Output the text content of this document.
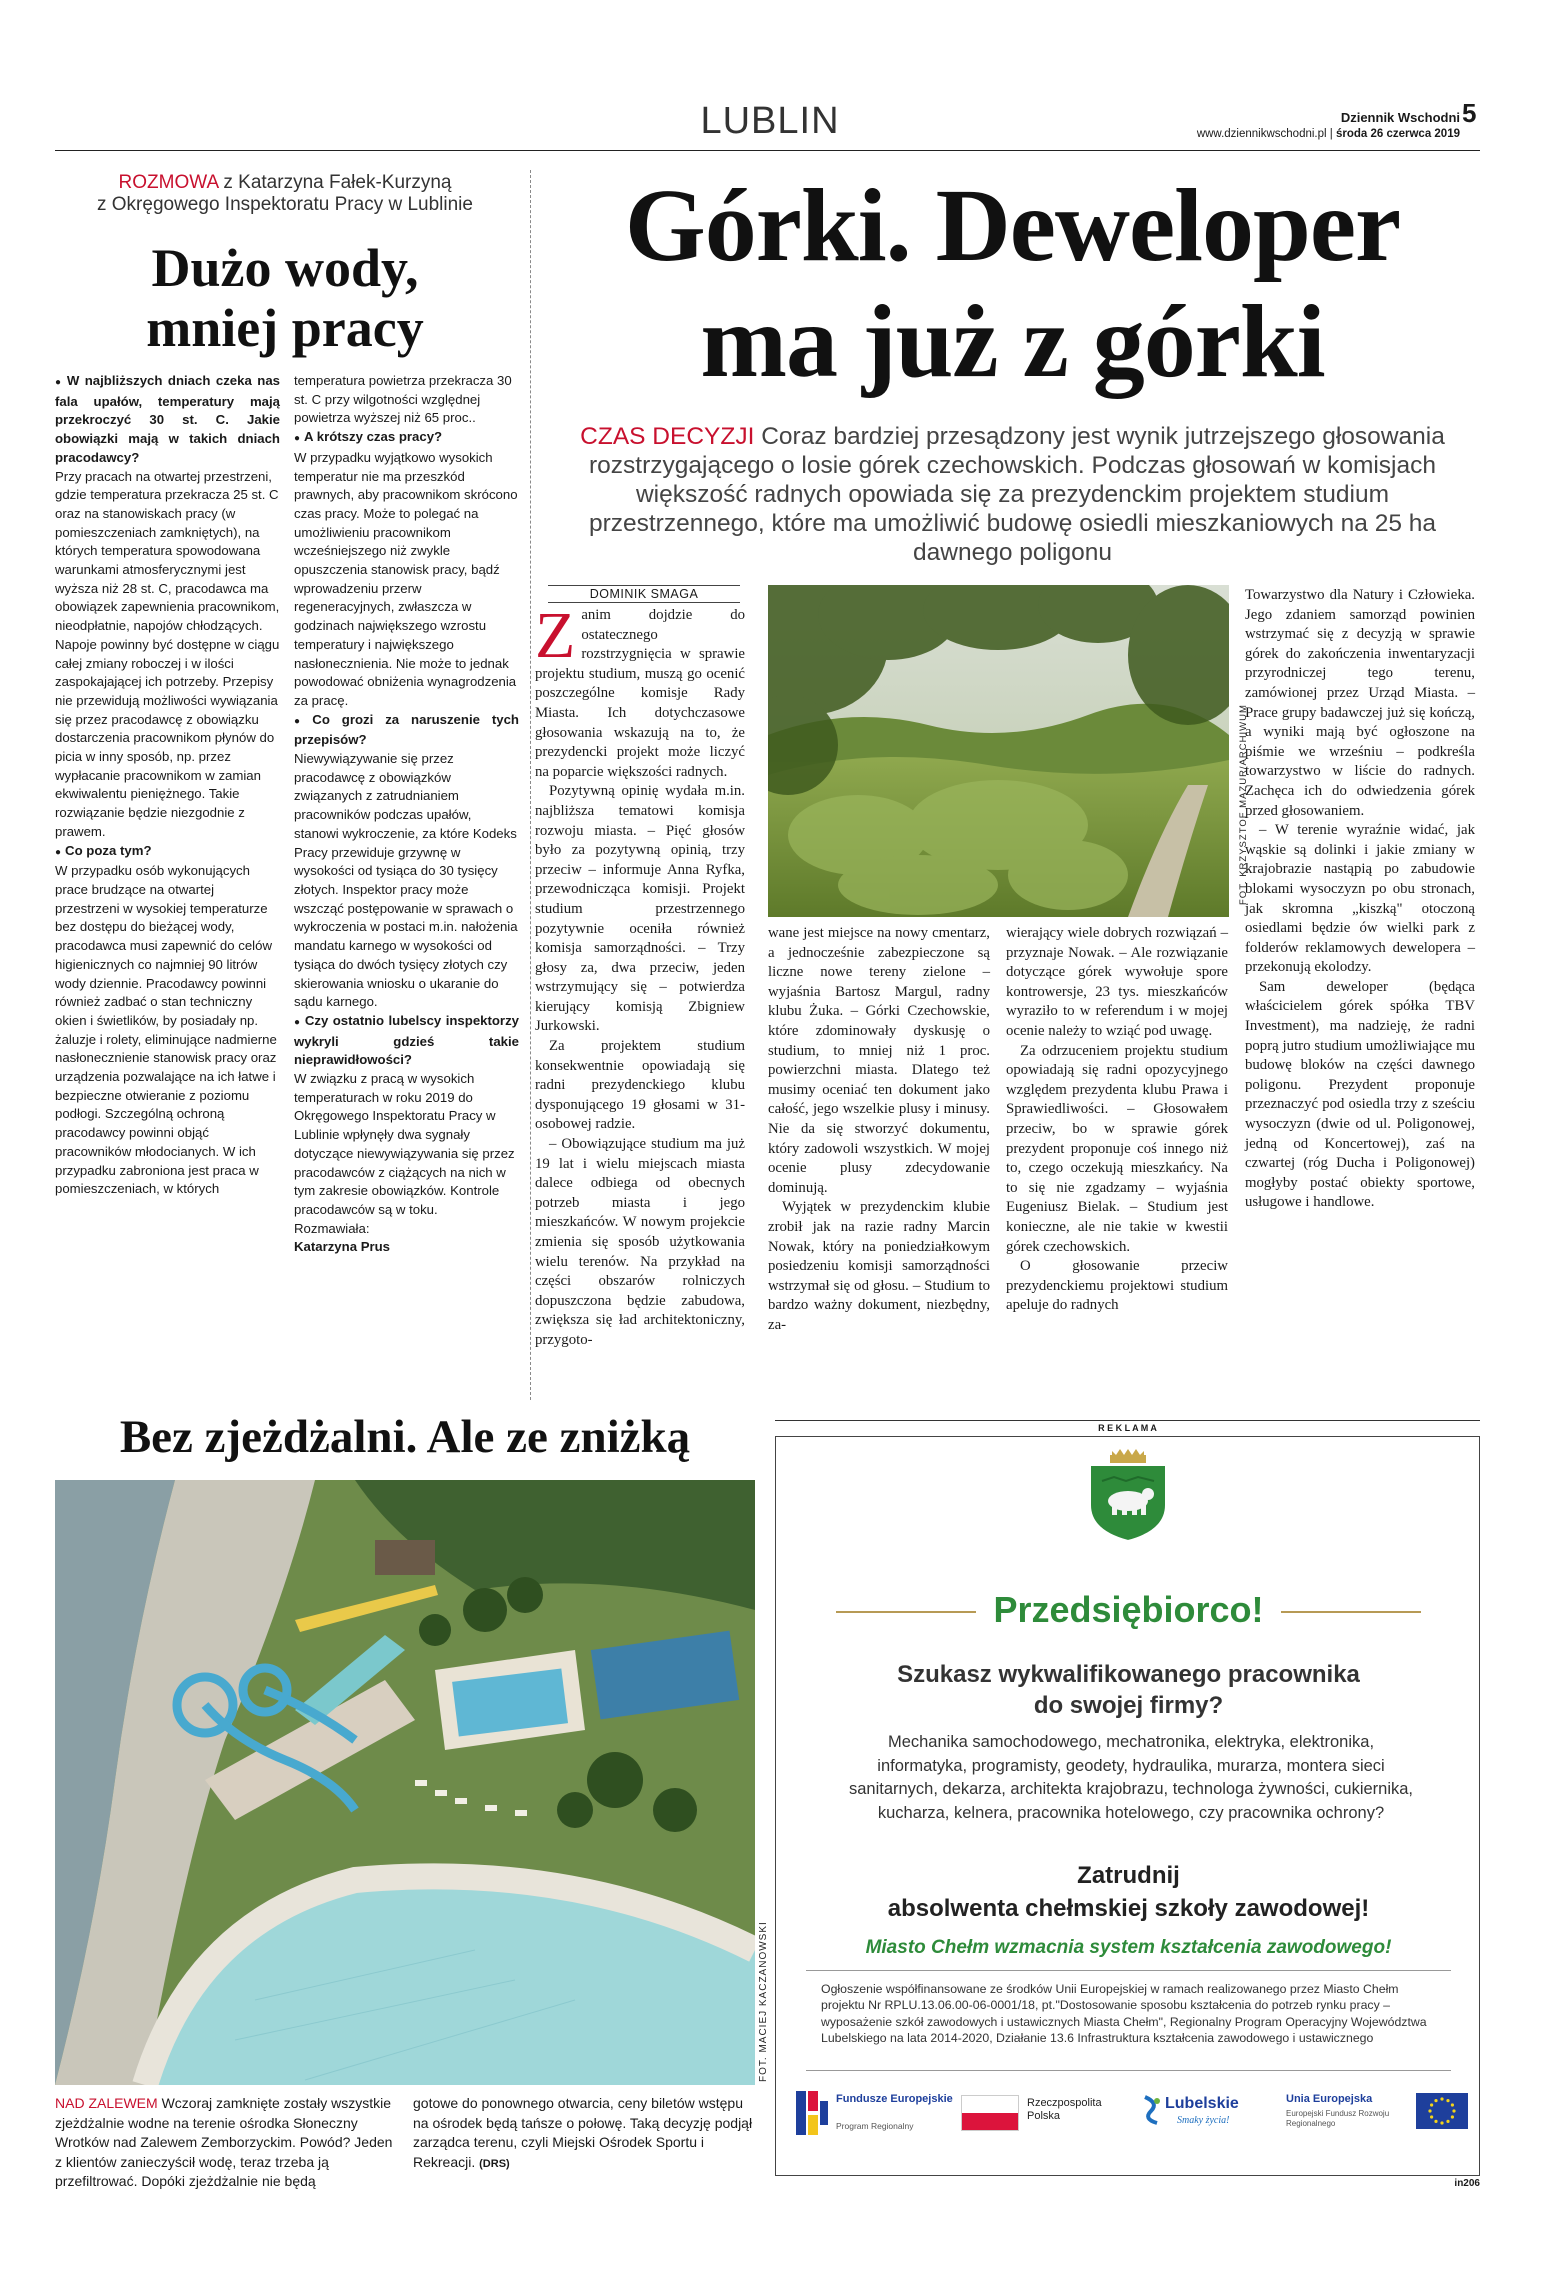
LUBLIN	Dziennik Wschodni 5
www.dziennikwschodni.pl | środa 26 czerwca 2019
ROZMOWA z Katarzyna Fałek-Kurzyną
z Okręgowego Inspektoratu Pracy w Lublinie
Dużo wody,
mniej pracy

● W najbliższych dniach czeka nas fala upałów, temperatury mają przekroczyć 30 st. C. Jakie obowiązki mają w takich dniach pracodawcy?

Przy pracach na otwartej przestrzeni, gdzie temperatura przekracza 25 st. C oraz na stanowiskach pracy (w pomieszczeniach zamkniętych), na których temperatura spowodowana warunkami atmosferycznymi jest wyższa niż 28 st. C, pracodawca ma obowiązek zapewnienia pracownikom, nieodpłatnie, napojów chłodzących. Napoje powinny być dostępne w ciągu całej zmiany roboczej i w ilości zaspokajającej ich potrzeby. Przepisy nie przewidują możliwości wywiązania się przez pracodawcę z obowiązku dostarczenia pracownikom płynów do picia w inny sposób, np. przez wypłacanie pracownikom w zamian ekwiwalentu pieniężnego. Takie rozwiązanie będzie niezgodnie z prawem.

● Co poza tym?

W przypadku osób wykonujących prace brudzące na otwartej przestrzeni w wysokiej temperaturze bez dostępu do bieżącej wody, pracodawca musi zapewnić do celów higienicznych co najmniej 90 litrów wody dziennie. Pracodawcy powinni również zadbać o stan techniczny okien i świetlików, by posiadały np. żaluzje i rolety, eliminujące nadmierne nasłonecznienie stanowisk pracy oraz urządzenia pozwalające na ich łatwe i bezpieczne otwieranie z poziomu podłogi. Szczególną ochroną pracodawcy powinni objąć pracowników młodocianych. W ich przypadku zabroniona jest praca w pomieszczeniach, w których

temperatura powietrza przekracza 30 st. C przy wilgotności względnej powietrza wyższej niż 65 proc..

● A krótszy czas pracy?

W przypadku wyjątkowo wysokich temperatur nie ma przeszkód prawnych, aby pracownikom skrócono czas pracy. Może to polegać na umożliwieniu pracownikom wcześniejszego niż zwykle opuszczenia stanowisk pracy, bądź wprowadzeniu przerw regeneracyjnych, zwłaszcza w godzinach największego wzrostu temperatury i największego nasłonecznienia. Nie może to jednak powodować obniżenia wynagrodzenia za pracę.

● Co grozi za naruszenie tych przepisów?

Niewywiązywanie się przez pracodawcę z obowiązków związanych z zatrudnianiem pracowników podczas upałów, stanowi wykroczenie, za które Kodeks Pracy przewiduje grzywnę w wysokości od tysiąca do 30 tysięcy złotych. Inspektor pracy może wszcząć postępowanie w sprawach o wykroczenia w postaci m.in. nałożenia mandatu karnego w wysokości od tysiąca do dwóch tysięcy złotych czy skierowania wniosku o ukaranie do sądu karnego.

● Czy ostatnio lubelscy inspektorzy wykryli gdzieś takie nieprawidłowości?

W związku z pracą w wysokich temperaturach w roku 2019 do Okręgowego Inspektoratu Pracy w Lublinie wpłynęły dwa sygnały dotyczące niewywiązywania się przez pracodawców z ciążących na nich w tym zakresie obowiązków. Kontrole pracodawców są w toku.

Rozmawiała:

Katarzyna Prus

Górki. Deweloper
ma już z górki
CZAS DECYZJI Coraz bardziej przesądzony jest wynik jutrzejszego głosowania rozstrzygającego o losie górek czechowskich. Podczas głosowań w komisjach większość radnych opowiada się za prezydenckim projektem studium przestrzennego, które ma umożliwić budowę osiedli mieszkaniowych na 25 ha dawnego poligonu
DOMINIK SMAGA
Z anim dojdzie do ostatecznego rozstrzygnięcia w sprawie projektu studium, muszą go ocenić poszczególne komisje Rady Miasta. Ich dotychczasowe głosowania wskazują na to, że prezydencki projekt może liczyć na poparcie większości radnych.

Pozytywną opinię wydała m.in. najbliższa tematowi komisja rozwoju miasta. – Pięć głosów było za pozytywną opinią, trzy przeciw – informuje Anna Ryfka, przewodnicząca komisji. Projekt studium przestrzennego pozytywnie oceniła również komisja samorządności. – Trzy głosy za, dwa przeciw, jeden wstrzymujący się – potwierdza kierujący komisją Zbigniew Jurkowski.

Za projektem studium konsekwentnie opowiadają się radni prezydenckiego klubu dysponującego 19 głosami w 31-osobowej radzie.

– Obowiązujące studium ma już 19 lat i wielu miejscach miasta dalece odbiega od obecnych potrzeb miasta i jego mieszkańców. W nowym projekcie zmienia się sposób użytkowania wielu terenów. Na przykład na części obszarów rolniczych dopuszczona będzie zabudowa, zwiększa się ład architektoniczny, przygoto-

FOT. KRZYSZTOF MAZUR/ARCHIWUM
wane jest miejsce na nowy cmentarz, a jednocześnie zabezpieczone są liczne nowe tereny zielone – wyjaśnia Bartosz Margul, radny klubu Żuka. – Górki Czechowskie, które zdominowały dyskusję o studium, to mniej niż 1 proc. powierzchni miasta. Dlatego też musimy oceniać ten dokument jako całość, jego wszelkie plusy i minusy. Nie da się stworzyć dokumentu, który zadowoli wszystkich. W mojej ocenie plusy zdecydowanie dominują.

Wyjątek w prezydenckim klubie zrobił jak na razie radny Marcin Nowak, który na poniedziałkowym posiedzeniu komisji samorządności wstrzymał się od głosu. – Studium to bardzo ważny dokument, niezbędny, za-

wierający wiele dobrych rozwiązań – przyznaje Nowak. – Ale rozwiązanie dotyczące górek wywołuje spore kontrowersje, 23 tys. mieszkańców wyraziło to w referendum i w mojej ocenie należy to wziąć pod uwagę.

Za odrzuceniem projektu studium opowiadają się radni opozycyjnego względem prezydenta klubu Prawa i Sprawiedliwości. – Głosowałem przeciw, bo w sprawie górek prezydent proponuje coś innego niż to, czego oczekują mieszkańcy. Na to się nie zgadzamy – wyjaśnia Eugeniusz Bielak. – Studium jest konieczne, ale nie takie w kwestii górek czechowskich.

O głosowanie przeciw prezydenckiemu projektowi studium apeluje do radnych

Towarzystwo dla Natury i Człowieka. Jego zdaniem samorząd powinien wstrzymać się z decyzją w sprawie górek do zakończenia inwentaryzacji przyrodniczej tego terenu, zamówionej przez Urząd Miasta. – Prace grupy badawczej już się kończą, a wyniki mają być ogłoszone na piśmie we wrześniu – podkreśla towarzystwo w liście do radnych. Zachęca ich do odwiedzenia górek przed głosowaniem.

– W terenie wyraźnie widać, jak wąskie są dolinki i jakie zmiany w krajobrazie nastąpią po zabudowie blokami wysoczyzn po obu stronach, jak skromna „kiszką" otoczoną osiedlami będzie ów wielki park z folderów reklamowych dewelopera – przekonują ekolodzy.

Sam deweloper (będąca właścicielem górek spółka TBV Investment), ma nadzieję, że radni poprą jutro studium umożliwiające mu budowę bloków na części dawnego poligonu. Prezydent proponuje przeznaczyć pod osiedla trzy z sześciu wysoczyzn (dwie od ul. Poligonowej, jedną od Koncertowej), zaś na czwartej (róg Ducha i Poligonowej) mogłyby postać obiekty sportowe, usługowe i handlowe.

Bez zjeżdżalni. Ale ze zniżką
FOT. MACIEJ KACZANOWSKI
NAD ZALEWEM Wczoraj zamknięte zostały wszystkie zjeżdżalnie wodne na terenie ośrodka Słoneczny Wrotków nad Zalewem Zemborzyckim. Powód? Jeden z klientów zanieczyścił wodę, teraz trzeba ją przefiltrować. Dopóki zjeżdżalnie nie będą
gotowe do ponownego otwarcia, ceny biletów wstępu na ośrodek będą tańsze o połowę. Taką decyzję podjął zarządca terenu, czyli Miejski Ośrodek Sportu i Rekreacji. (DRS)
R E K L A M A
Przedsiębiorco!
Szukasz wykwalifikowanego pracownika
do swojej firmy?
Mechanika samochodowego, mechatronika, elektryka, elektronika, informatyka, programisty, geodety, hydraulika, murarza, montera sieci sanitarnych, dekarza, architekta krajobrazu, technologa żywności, cukiernika, kucharza, kelnera, pracownika hotelowego, czy pracownika ochrony?
Zatrudnij
absolwenta chełmskiej szkoły zawodowej!
Miasto Chełm wzmacnia system kształcenia zawodowego!
Ogłoszenie współfinansowane ze środków Unii Europejskiej w ramach realizowanego przez Miasto Chełm projektu Nr RPLU.13.06.00-06-0001/18, pt."Dostosowanie sposobu kształcenia do potrzeb rynku pracy – wyposażenie szkół zawodowych i ustawicznych Miasta Chełm", Regionalny Program Operacyjny Województwa Lubelskiego na lata 2014-2020, Działanie 13.6 Infrastruktura kształcenia zawodowego i ustawicznego
Fundusze Europejskie
Program Regionalny
Rzeczpospolita Polska
Lubelskie
Smaky życia!
Unia Europejska
Europejski Fundusz Rozwoju Regionalnego
in206
